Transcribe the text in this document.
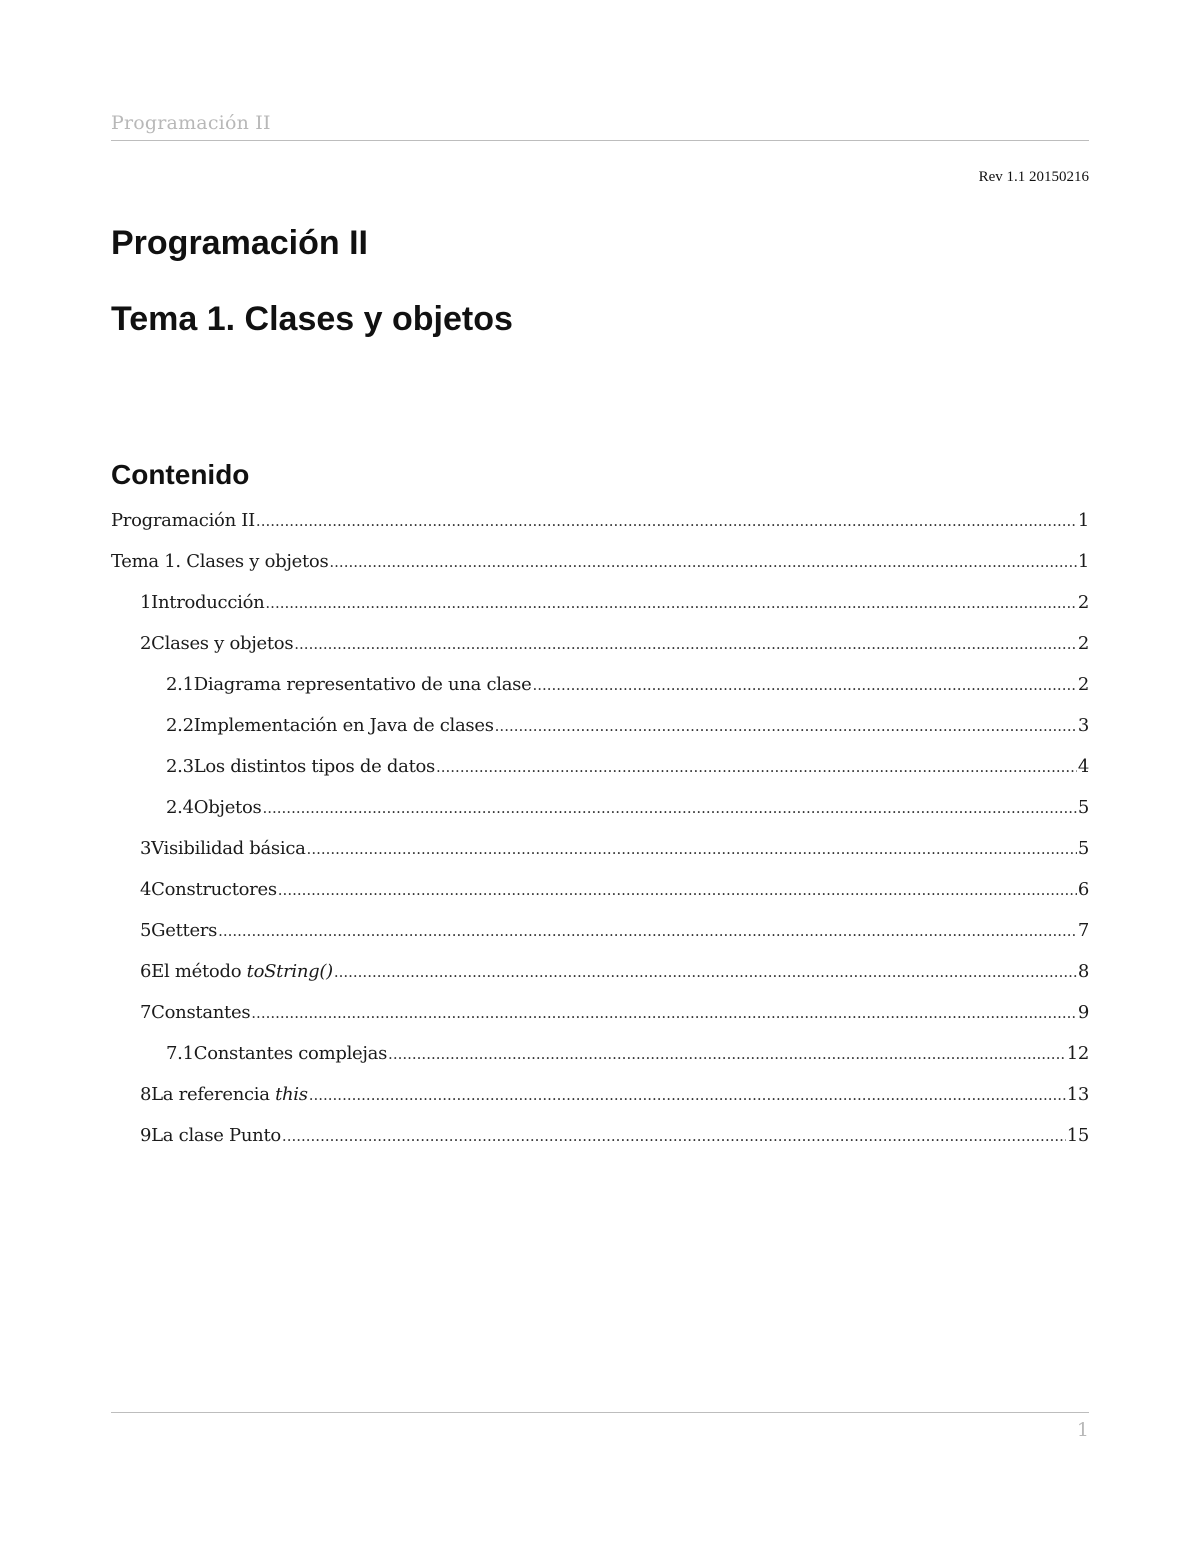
Programación II
Rev 1.1 20150216
Programación II
Tema 1. Clases y objetos
Contenido
Programación II .....	1
Tema 1. Clases y objetos .....	1
1 Introducción .....	2
2 Clases y objetos .....	2
2.1 Diagrama representativo de una clase .....	2
2.2 Implementación en Java de clases .....	3
2.3 Los distintos tipos de datos .....	4
2.4 Objetos .....	5
3 Visibilidad básica .....	5
4 Constructores .....	6
5 Getters .....	7
6 El método toString() .....	8
7 Constantes .....	9
7.1 Constantes complejas .....	12
8 La referencia this .....	13
9 La clase Punto .....	15
1
